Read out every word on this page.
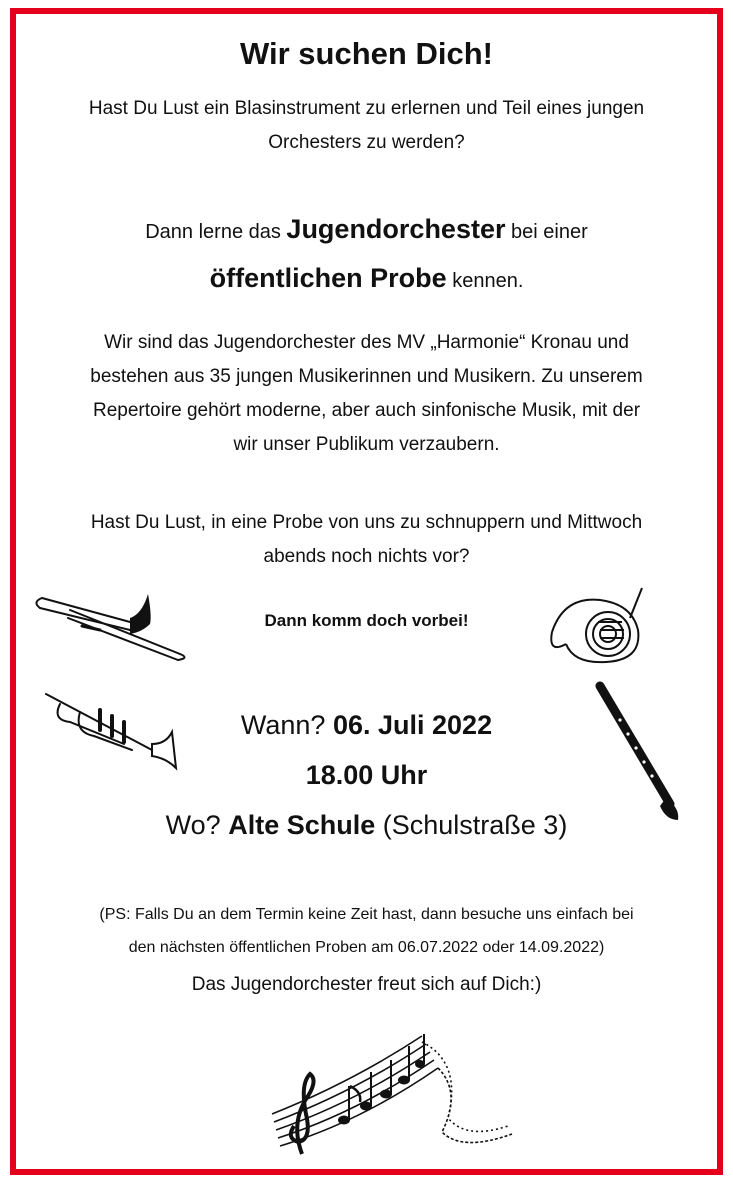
Wir suchen Dich!
Hast Du Lust ein Blasinstrument zu erlernen und Teil eines jungen
Orchesters zu werden?
Dann lerne das Jugendorchester bei einer
öffentlichen Probe kennen.
Wir sind das Jugendorchester des MV „Harmonie“ Kronau und
bestehen aus 35 jungen Musikerinnen und Musikern. Zu unserem
Repertoire gehört moderne, aber auch sinfonische Musik, mit der
wir unser Publikum verzaubern.
Hast Du Lust, in eine Probe von uns zu schnuppern und Mittwoch
abends noch nichts vor?
Dann komm doch vorbei!
Wann? 06. Juli 2022
18.00 Uhr
Wo? Alte Schule (Schulstraße 3)
(PS: Falls Du an dem Termin keine Zeit hast, dann besuche uns einfach bei
den nächsten öffentlichen Proben am 06.07.2022 oder 14.09.2022)
Das Jugendorchester freut sich auf Dich:)
